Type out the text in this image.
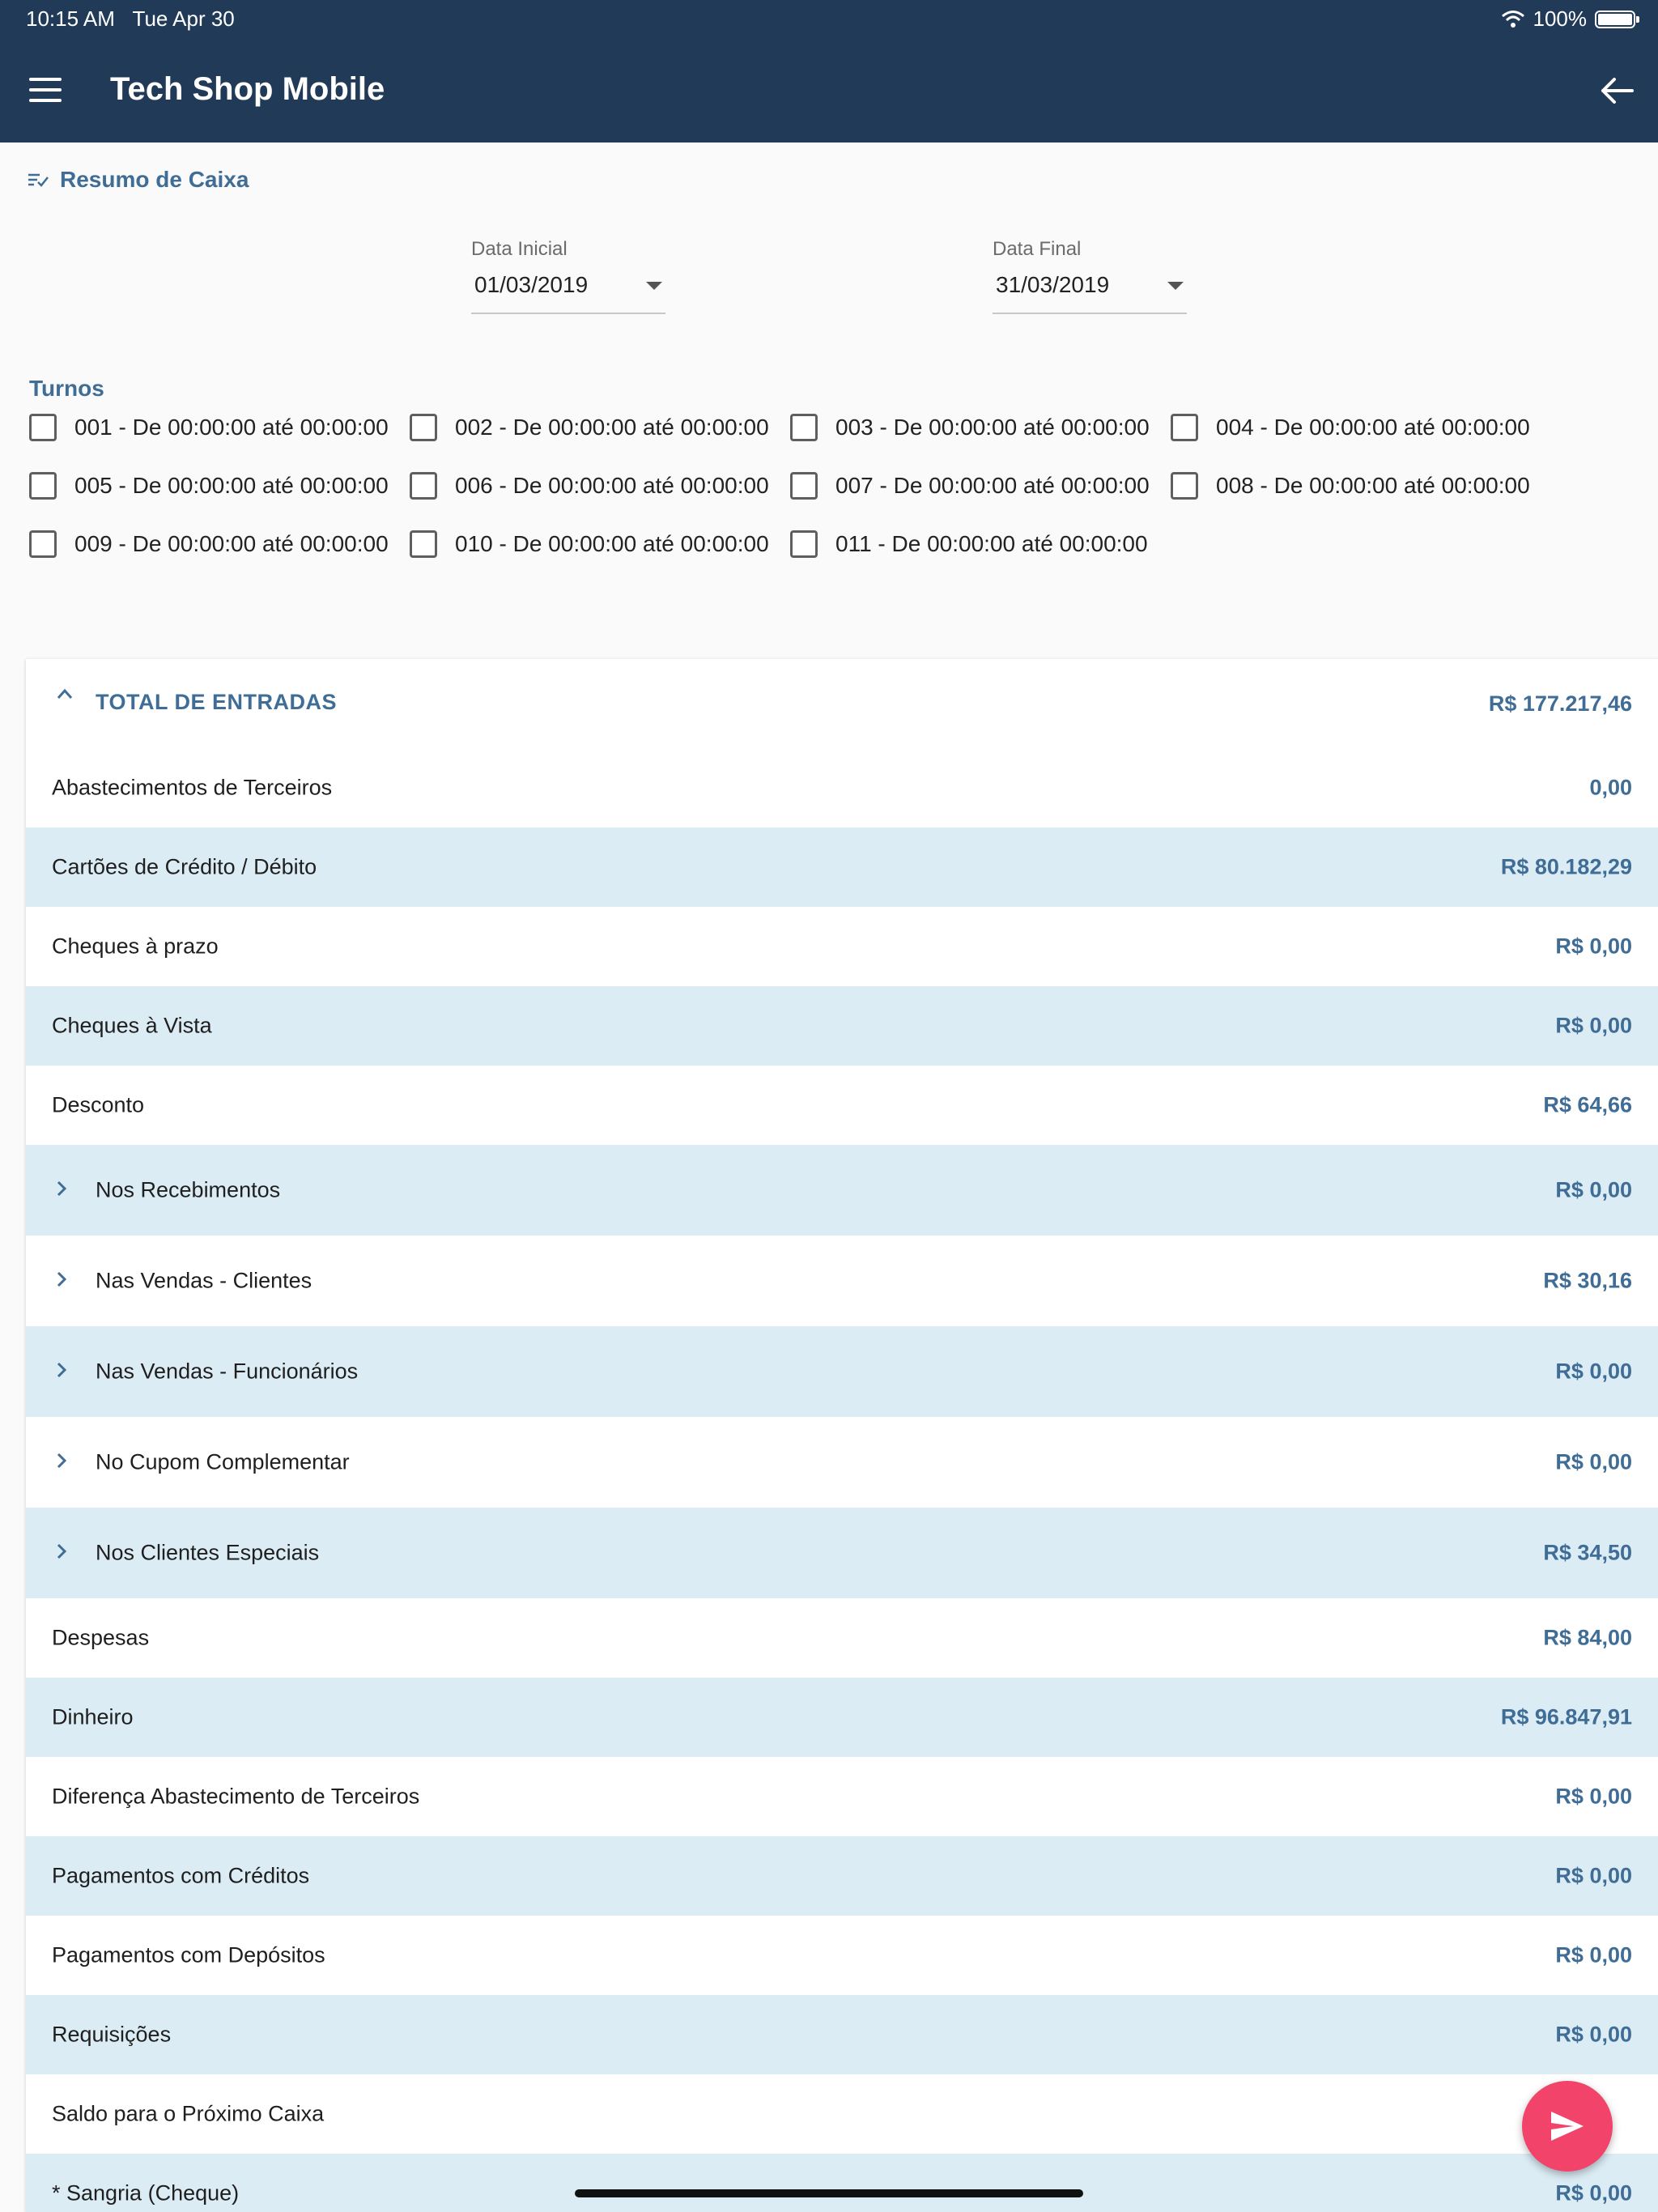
10:15 AM Tue Apr 30	100%
Tech Shop Mobile
Resumo de Caixa
Data Inicial
01/03/2019
Data Final
31/03/2019
Turnos
001 - De 00:00:00 até 00:00:00	002 - De 00:00:00 até 00:00:00	003 - De 00:00:00 até 00:00:00	004 - De 00:00:00 até 00:00:00
005 - De 00:00:00 até 00:00:00	006 - De 00:00:00 até 00:00:00	007 - De 00:00:00 até 00:00:00	008 - De 00:00:00 até 00:00:00
009 - De 00:00:00 até 00:00:00	010 - De 00:00:00 até 00:00:00	011 - De 00:00:00 até 00:00:00
TOTAL DE ENTRADAS	R$ 177.217,46
Abastecimentos de Terceiros	0,00
Cartões de Crédito / Débito	R$ 80.182,29
Cheques à prazo	R$ 0,00
Cheques à Vista	R$ 0,00
Desconto	R$ 64,66
Nos Recebimentos	R$ 0,00
Nas Vendas - Clientes	R$ 30,16
Nas Vendas - Funcionários	R$ 0,00
No Cupom Complementar	R$ 0,00
Nos Clientes Especiais	R$ 34,50
Despesas	R$ 84,00
Dinheiro	R$ 96.847,91
Diferença Abastecimento de Terceiros	R$ 0,00
Pagamentos com Créditos	R$ 0,00
Pagamentos com Depósitos	R$ 0,00
Requisições	R$ 0,00
Saldo para o Próximo Caixa
* Sangria (Cheque)	R$ 0,00
